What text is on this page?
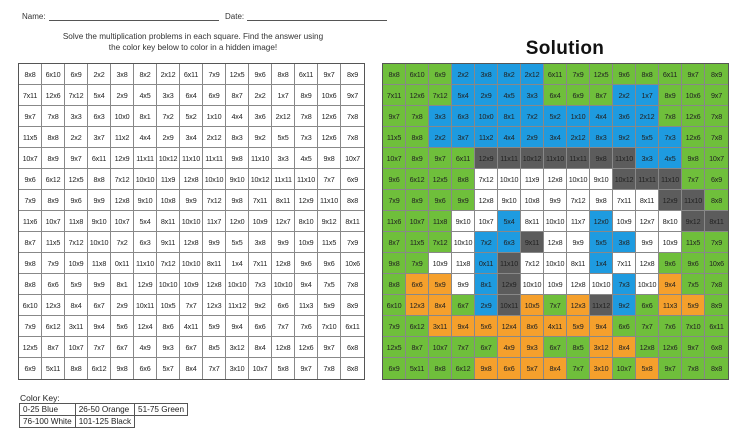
Name:	Date:
Solve the multiplication problems in each square. Find the answer using the color key below to color in a hidden image!	Solution
8x8	6x10	6x9	2x2	3x8	8x2	2x12	6x11	7x9	12x5	9x6	8x8	6x11	9x7	8x9
7x11	12x6	7x12	5x4	2x9	4x5	3x3	6x4	6x9	8x7	2x2	1x7	8x9	10x6	9x7
9x7	7x8	3x3	6x3	10x0	8x1	7x2	5x2	1x10	4x4	3x6	2x12	7x8	12x6	7x8
11x5	8x8	2x2	3x7	11x2	4x4	2x9	3x4	2x12	8x3	9x2	5x5	7x3	12x6	7x8
10x7	8x9	9x7	6x11	12x9 11x11 10x12 11x10 11x11	9x8	11x10	3x3	4x5	9x8	10x7
9x6	6x12	12x5	8x8	7x12 10x10 11x9	12x8 10x10 9x10 10x12 11x11 11x10	7x7	6x9
7x9	8x9	9x6	9x9	12x8	9x10	10x8	9x9	7x12	9x8	7x11	8x11	12x9 11x10	8x8
11x6	10x7	11x8	9x10	10x7	5x4	8x11 10x10 11x7	12x0	10x9	12x7	8x10	9x12	8x11
8x7	11x5	7x12 10x10	7x2	6x3	9x11	12x8	9x9	5x5	3x8	9x9	10x9	11x5	7x9
9x8	7x9	10x9	11x8	0x11 11x10 7x12 10x10 8x11	1x4	7x11	12x8	9x6	9x6	10x6
8x8	6x6	5x9	9x9	8x1	12x9 10x10 10x9	12x8 10x10	7x3	10x10	9x4	7x5	7x8
6x10	12x3	8x4	6x7	2x9	10x11 10x5	7x7	12x3 11x12	9x2	6x6	11x3	5x9	8x9
7x9	6x12	3x11	9x4	5x6	12x4	8x6	4x11	5x9	9x4	6x6	7x7	7x6	7x10	6x11
12x5	8x7	10x7	7x7	6x7	4x9	9x3	6x7	8x5	3x12	8x4	12x8	12x6	9x7	6x8
6x9	5x11	8x8	6x12	9x8	6x6	5x7	8x4	7x7	3x10	10x7	5x8	9x7	7x8	8x8
8x8	6x10	6x9	2x2	3x8	8x2	2x12	6x11	7x9	12x5	9x6	8x8	6x11	9x7	8x9
7x11	12x6	7x12	5x4	2x9	4x5	3x3	6x4	6x9	8x7	2x2	1x7	8x9	10x6	9x7
9x7	7x8	3x3	6x3	10x0	8x1	7x2	5x2	1x10	4x4	3x6	2x12	7x8	12x6	7x8
11x5	8x8	2x2	3x7	11x2	4x4	2x9	3x4	2x12	8x3	9x2	5x5	7x3	12x6	7x8
10x7	8x9	9x7	6x11	12x9 11x11 10x12 11x10 11x11	9x8	11x10	3x3	4x5	9x8	10x7
9x6	6x12	12x5	8x8	7x12 10x10 11x9	12x8 10x10 9x10 10x12 11x11 11x10	7x7	6x9
7x9	8x9	9x6	9x9	12x8	9x10	10x8	9x9	7x12	9x8	7x11	8x11	12x9 11x10	8x8
11x6	10x7	11x8	9x10	10x7	5x4	8x11 10x10 11x7	12x0	10x9	12x7	8x10	9x12	8x11
8x7	11x5	7x12 10x10	7x2	6x3	9x11	12x8	9x9	5x5	3x8	9x9	10x9	11x5	7x9
9x8	7x9	10x9	11x8	0x11 11x10 7x12 10x10 8x11	1x4	7x11	12x8	9x6	9x6	10x6
8x8	6x6	5x9	9x9	8x1	12x9 10x10 10x9	12x8 10x10	7x3	10x10	9x4	7x5	7x8
6x10	12x3	8x4	6x7	2x9	10x11 10x5	7x7	12x3 11x12	9x2	6x6	11x3	5x9	8x9
7x9	6x12	3x11	9x4	5x6	12x4	8x6	4x11	5x9	9x4	6x6	7x7	7x6	7x10	6x11
12x5	8x7	10x7	7x7	6x7	4x9	9x3	6x7	8x5	3x12	8x4	12x8	12x6	9x7	6x8
6x9	5x11	8x8	6x12	9x8	6x6	5x7	8x4	7x7	3x10	10x7	5x8	9x7	7x8	8x8
Color Key:
0-25 Blue	26-50 Orange	51-75 Green
76-100 White	101-125 Black	
